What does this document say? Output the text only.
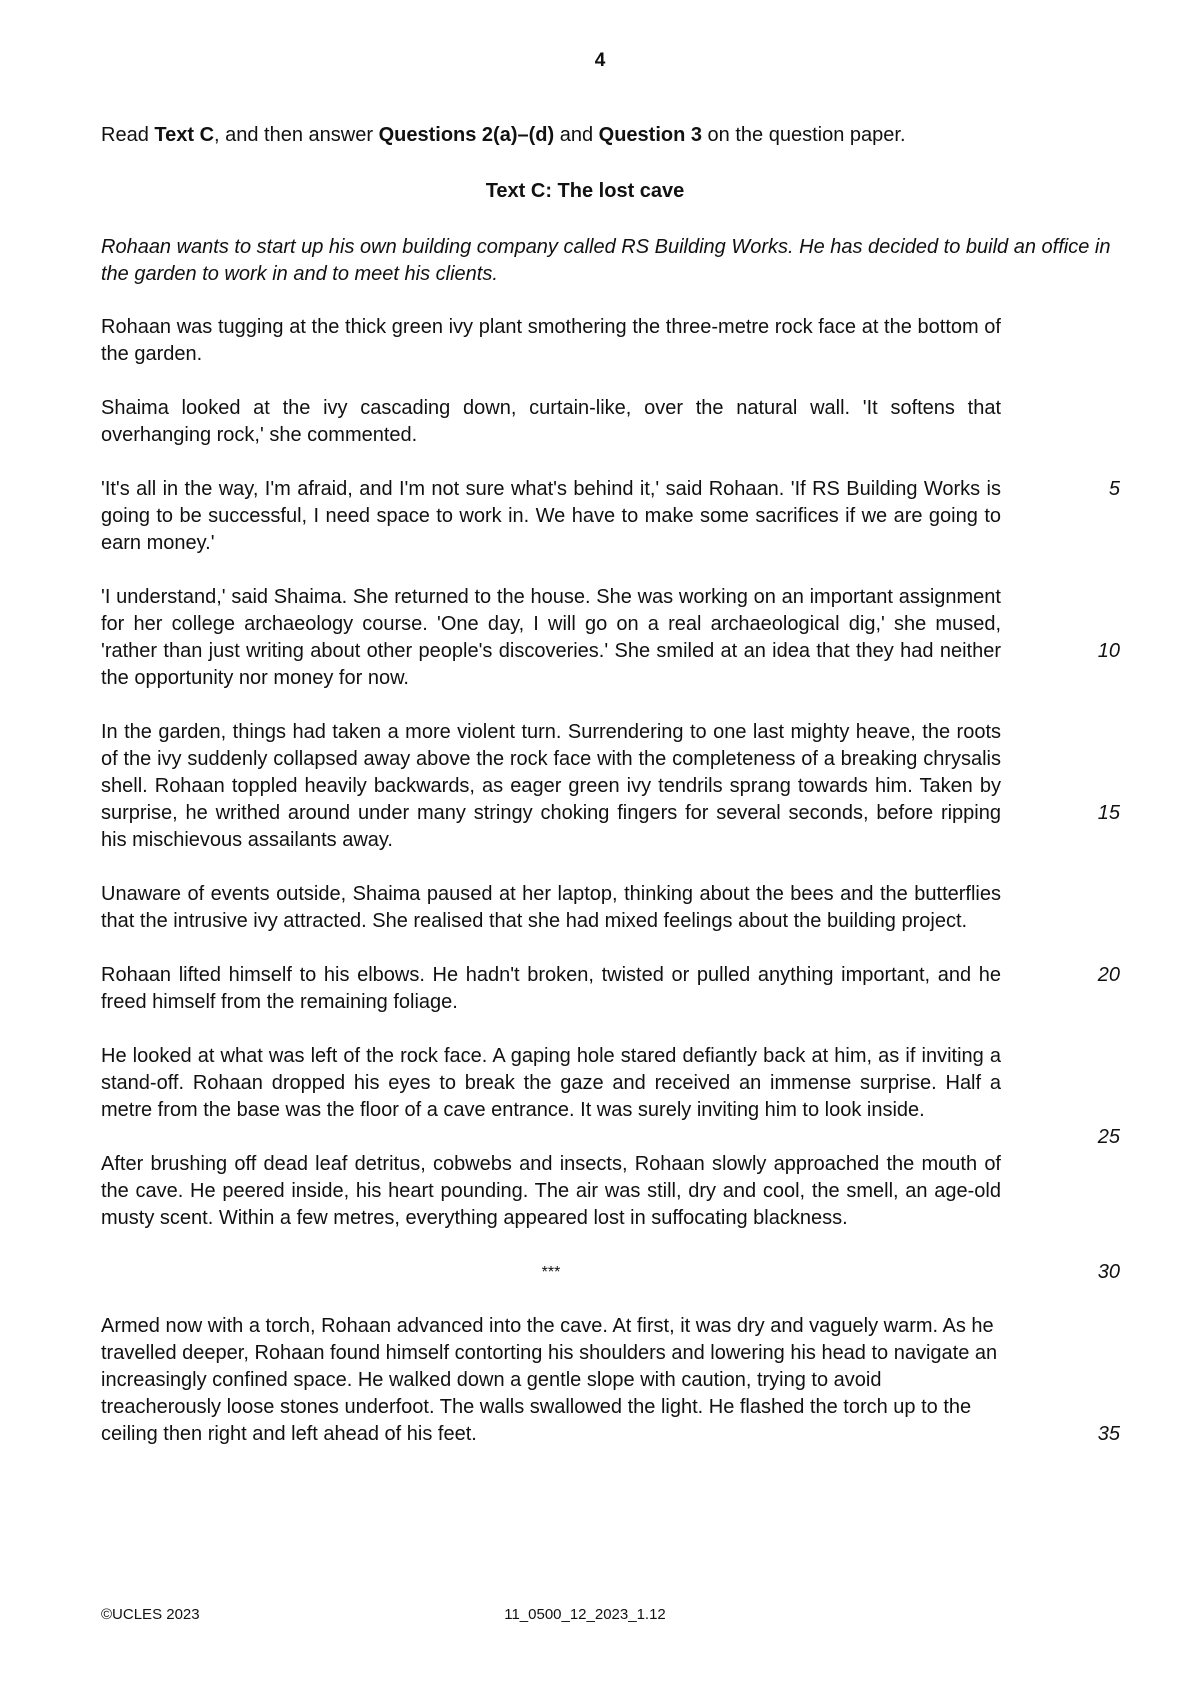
4

Read Text C, and then answer Questions 2(a)–(d) and Question 3 on the question paper.

Text C: The lost cave

Rohaan wants to start up his own building company called RS Building Works. He has decided to build an office in the garden to work in and to meet his clients.

Rohaan was tugging at the thick green ivy plant smothering the three-metre rock face at the bottom of the garden.

Shaima looked at the ivy cascading down, curtain-like, over the natural wall. 'It softens that overhanging rock,' she commented.

5

'It's all in the way, I'm afraid, and I'm not sure what's behind it,' said Rohaan. 'If RS Building Works is going to be successful, I need space to work in. We have to make some sacrifices if we are going to earn money.'

10

'I understand,' said Shaima. She returned to the house. She was working on an important assignment for her college archaeology course. 'One day, I will go on a real archaeological dig,' she mused, 'rather than just writing about other people's discoveries.' She smiled at an idea that they had neither the opportunity nor money for now.

15

In the garden, things had taken a more violent turn. Surrendering to one last mighty heave, the roots of the ivy suddenly collapsed away above the rock face with the completeness of a breaking chrysalis shell. Rohaan toppled heavily backwards, as eager green ivy tendrils sprang towards him. Taken by surprise, he writhed around under many stringy choking fingers for several seconds, before ripping his mischievous assailants away.

Unaware of events outside, Shaima paused at her laptop, thinking about the bees and the butterflies that the intrusive ivy attracted. She realised that she had mixed feelings about the building project.

20

Rohaan lifted himself to his elbows. He hadn't broken, twisted or pulled anything important, and he freed himself from the remaining foliage.

25

He looked at what was left of the rock face. A gaping hole stared defiantly back at him, as if inviting a stand-off. Rohaan dropped his eyes to break the gaze and received an immense surprise. Half a metre from the base was the floor of a cave entrance. It was surely inviting him to look inside.

After brushing off dead leaf detritus, cobwebs and insects, Rohaan slowly approached the mouth of the cave. He peered inside, his heart pounding. The air was still, dry and cool, the smell, an age-old musty scent. Within a few metres, everything appeared lost in suffocating blackness.

***	30
35

Armed now with a torch, Rohaan advanced into the cave. At first, it was dry and vaguely warm. As he travelled deeper, Rohaan found himself contorting his shoulders and lowering his head to navigate an increasingly confined space. He walked down a gentle slope with caution, trying to avoid treacherously loose stones underfoot. The walls swallowed the light. He flashed the torch up to the ceiling then right and left ahead of his feet.

©UCLES 2023	11_0500_12_2023_1.12
